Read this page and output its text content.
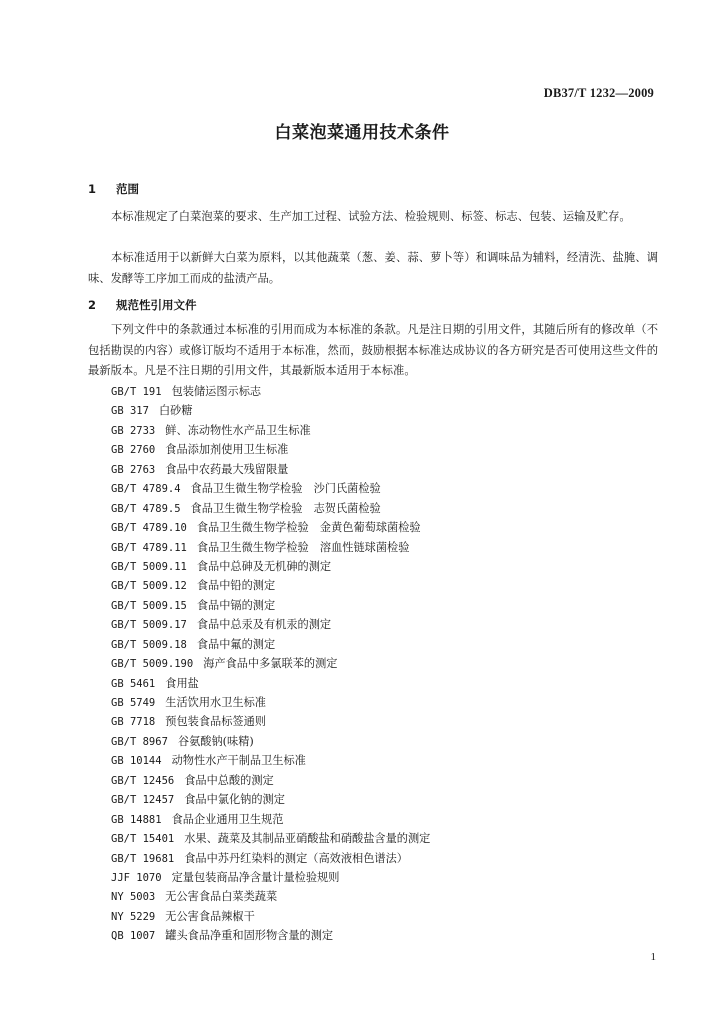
DB37/T 1232—2009
白菜泡菜通用技术条件
1 范围
本标准规定了白菜泡菜的要求、生产加工过程、试验方法、检验规则、标签、标志、包装、运输及贮存。
本标准适用于以新鲜大白菜为原料，以其他蔬菜（葱、姜、蒜、萝卜等）和调味品为辅料，经清洗、盐腌、调味、发酵等工序加工而成的盐渍产品。
2 规范性引用文件
下列文件中的条款通过本标准的引用而成为本标准的条款。凡是注日期的引用文件，其随后所有的修改单（不包括勘误的内容）或修订版均不适用于本标准，然而，鼓励根据本标准达成协议的各方研究是否可使用这些文件的最新版本。凡是不注日期的引用文件，其最新版本适用于本标准。
GB/T 191 包装储运图示标志
GB 317 白砂糖
GB 2733 鲜、冻动物性水产品卫生标准
GB 2760 食品添加剂使用卫生标准
GB 2763 食品中农药最大残留限量
GB/T 4789.4 食品卫生微生物学检验　沙门氏菌检验
GB/T 4789.5 食品卫生微生物学检验　志贺氏菌检验
GB/T 4789.10 食品卫生微生物学检验　金黄色葡萄球菌检验
GB/T 4789.11 食品卫生微生物学检验　溶血性链球菌检验
GB/T 5009.11 食品中总砷及无机砷的测定
GB/T 5009.12 食品中铅的测定
GB/T 5009.15 食品中镉的测定
GB/T 5009.17 食品中总汞及有机汞的测定
GB/T 5009.18 食品中氟的测定
GB/T 5009.190 海产食品中多氯联苯的测定
GB 5461 食用盐
GB 5749 生活饮用水卫生标准
GB 7718 预包装食品标签通则
GB/T 8967 谷氨酸钠(味精)
GB 10144 动物性水产干制品卫生标准
GB/T 12456 食品中总酸的测定
GB/T 12457 食品中氯化钠的测定
GB 14881 食品企业通用卫生规范
GB/T 15401 水果、蔬菜及其制品亚硝酸盐和硝酸盐含量的测定
GB/T 19681 食品中苏丹红染料的测定（高效液相色谱法）
JJF 1070 定量包装商品净含量计量检验规则
NY 5003 无公害食品白菜类蔬菜
NY 5229 无公害食品辣椒干
QB 1007 罐头食品净重和固形物含量的测定
1
